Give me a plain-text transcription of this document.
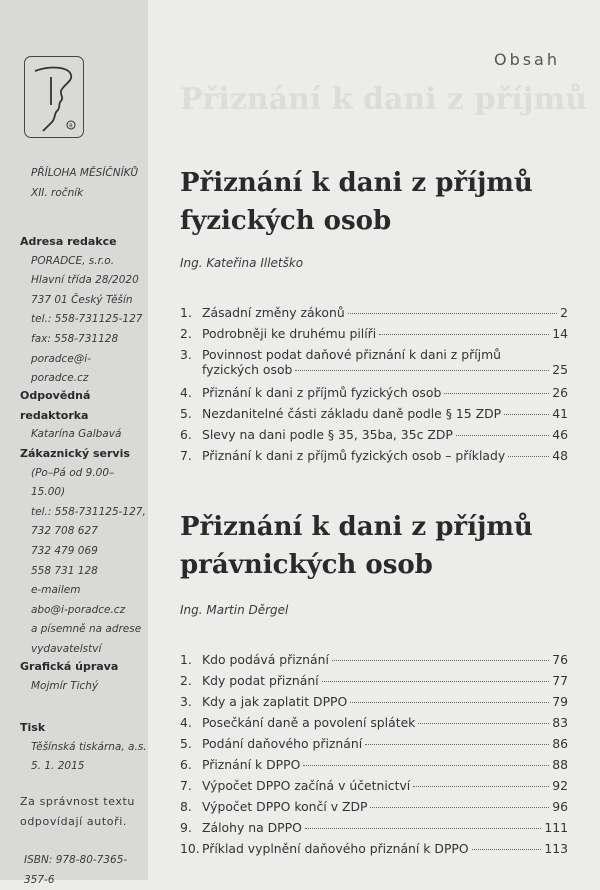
R
PŘÍLOHA MĚSÍČNÍKŮ
XII. ročník
Adresa redakce
PORADCE, s.r.o.
Hlavní třída 28/2020
737 01 Český Těšín
tel.: 558-731125-127
fax: 558-731128
poradce@i-poradce.cz
Odpovědná redaktorka
Katarína Galbavá
Zákaznický servis
(Po–Pá od 9.00–15.00)
tel.: 558-731125-127,
732 708 627
732 479 069
558 731 128
e-mailem
abo@i-poradce.cz
a písemně na adrese
vydavatelství
Grafická úprava
Mojmír Tichý
Tisk
Těšínská tiskárna, a.s.
5. 1. 2015
Za správnost textu
odpovídají autoři.
ISBN: 978-80-7365-357-6
Obsah
Přiznání k dani z příjmů
Přiznání k dani z příjmů
fyzických osob
Ing. Kateřina Illetško
1. Zásadní změny zákonů	2
2. Podrobněji ke druhému pilíři	14
3. Povinnost podat daňové přiznání k dani z příjmů
fyzických osob	25
4. Přiznání k dani z příjmů fyzických osob	26
5. Nezdanitelné části základu daně podle § 15 ZDP	41
6. Slevy na dani podle § 35, 35ba, 35c ZDP	46
7. Přiznání k dani z příjmů fyzických osob – příklady	48
Přiznání k dani z příjmů
právnických osob
Ing. Martin Děrgel
1. Kdo podává přiznání	76
2. Kdy podat přiznání	77
3. Kdy a jak zaplatit DPPO	79
4. Posečkání daně a povolení splátek	83
5. Podání daňového přiznání	86
6. Přiznání k DPPO	88
7. Výpočet DPPO začíná v účetnictví	92
8. Výpočet DPPO končí v ZDP	96
9. Zálohy na DPPO	111
10. Příklad vyplnění daňového přiznání k DPPO	113
